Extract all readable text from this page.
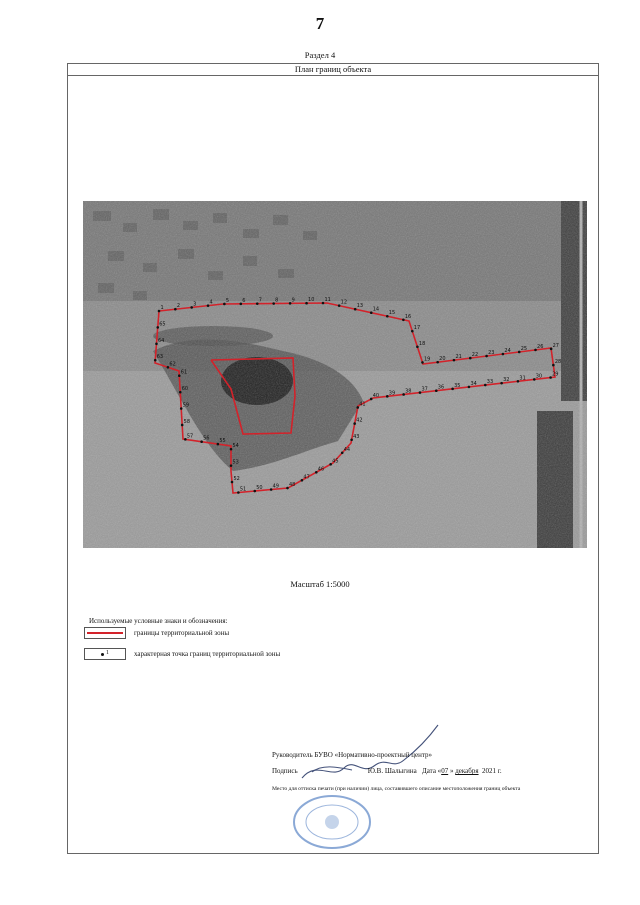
7
Раздел 4
План границ объекта
1	2	3	4	5	6	7	8	9	10 11 12
13
14
15
16
17
18
19 20 21 22 23 24 25 26 27
28
29
30
31
32
33
34
35
36
37
38
39
40
41
42
43
44
45
46
47
48
49
50
51
52
53
54
55
56
57
58
59
60
61
62
63
64
65
Масштаб 1:5000
Используемые условные знаки и обозначения:
границы территориальной зоны
1	характерная точка границ территориальной зоны
Руководитель БУВО «Нормативно-проектный центр»
Подпись	Ю.В. Шалыгина Дата «07 » декабря 2021 г.
Место для оттиска печати (при наличии) лица, составившего описание местоположения границ объекта
